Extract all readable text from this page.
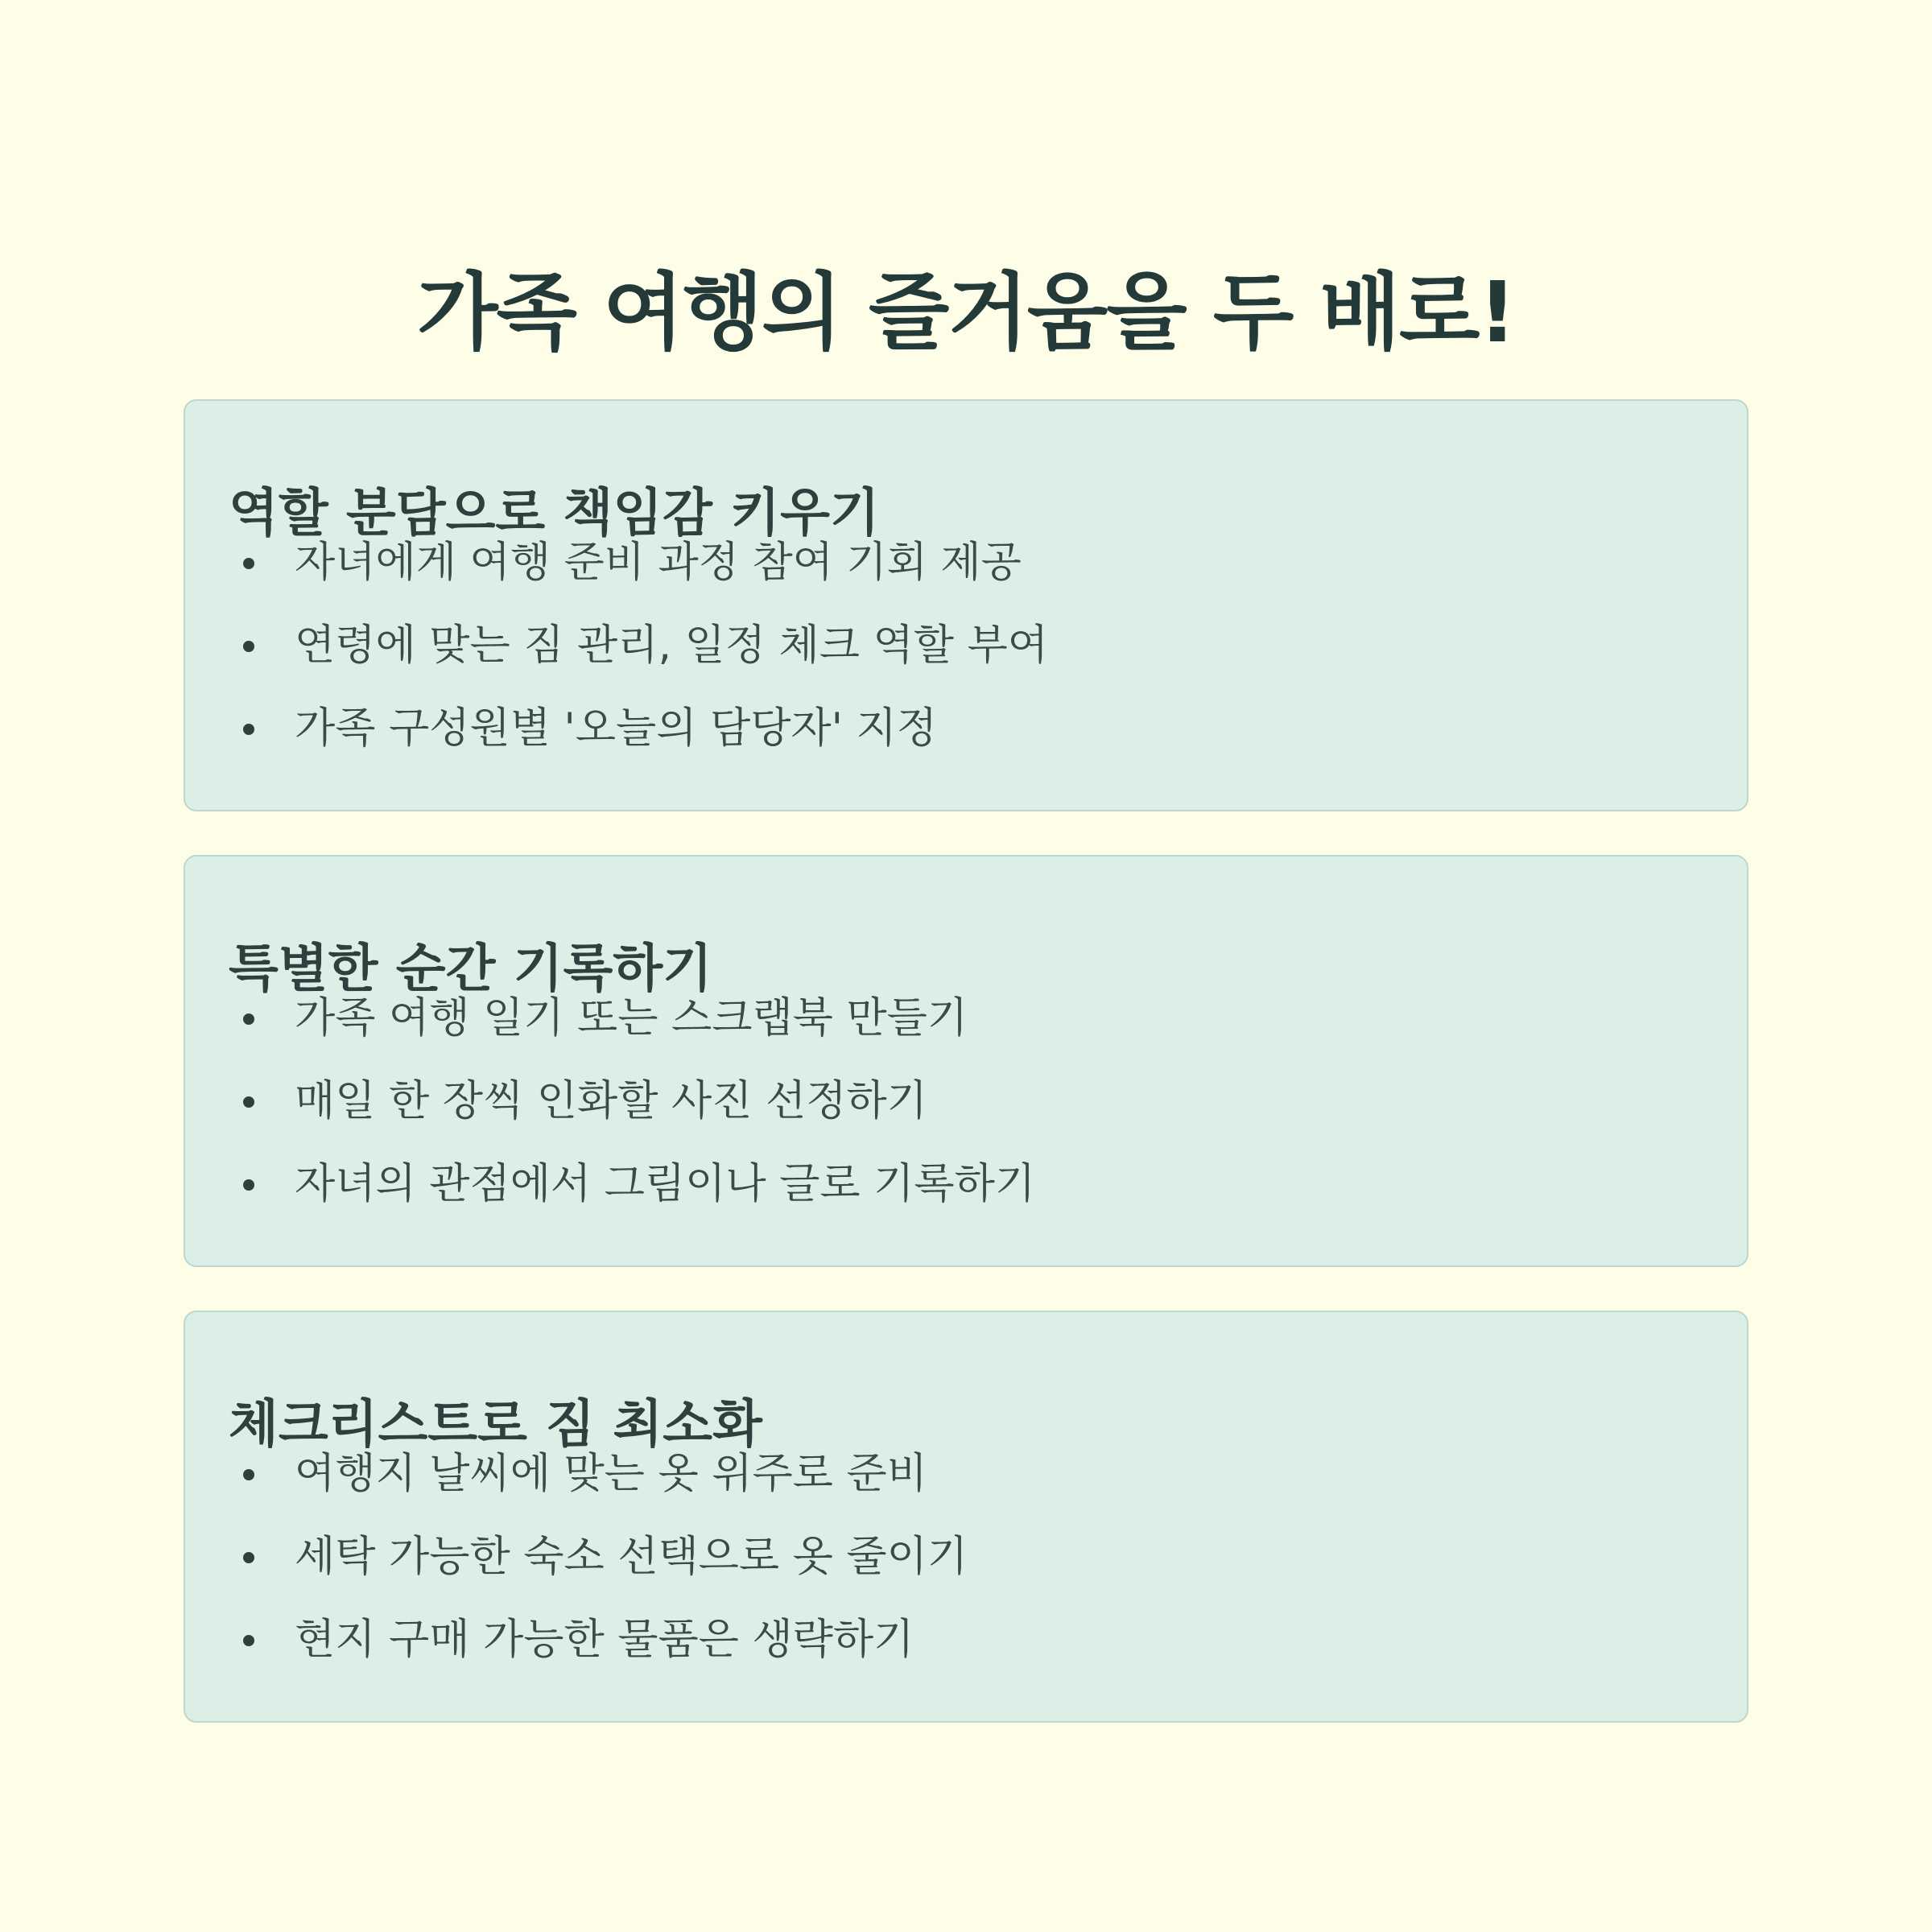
가족 여행의 즐거움을 두 배로!
역할 분담으로 책임감 키우기
자녀에게 여행 준비 과정 참여 기회 제공
연령에 맞는 짐 관리, 일정 체크 역할 부여
가족 구성원별 '오늘의 담당자' 지정
특별한 순간 기록하기
가족 여행 일기 또는 스크랩북 만들기
매일 한 장씩 인화할 사진 선정하기
자녀의 관점에서 그림이나 글로 기록하기
체크리스트로 짐 최소화
여행지 날씨에 맞는 옷 위주로 준비
세탁 가능한 숙소 선택으로 옷 줄이기
현지 구매 가능한 물품은 생략하기
